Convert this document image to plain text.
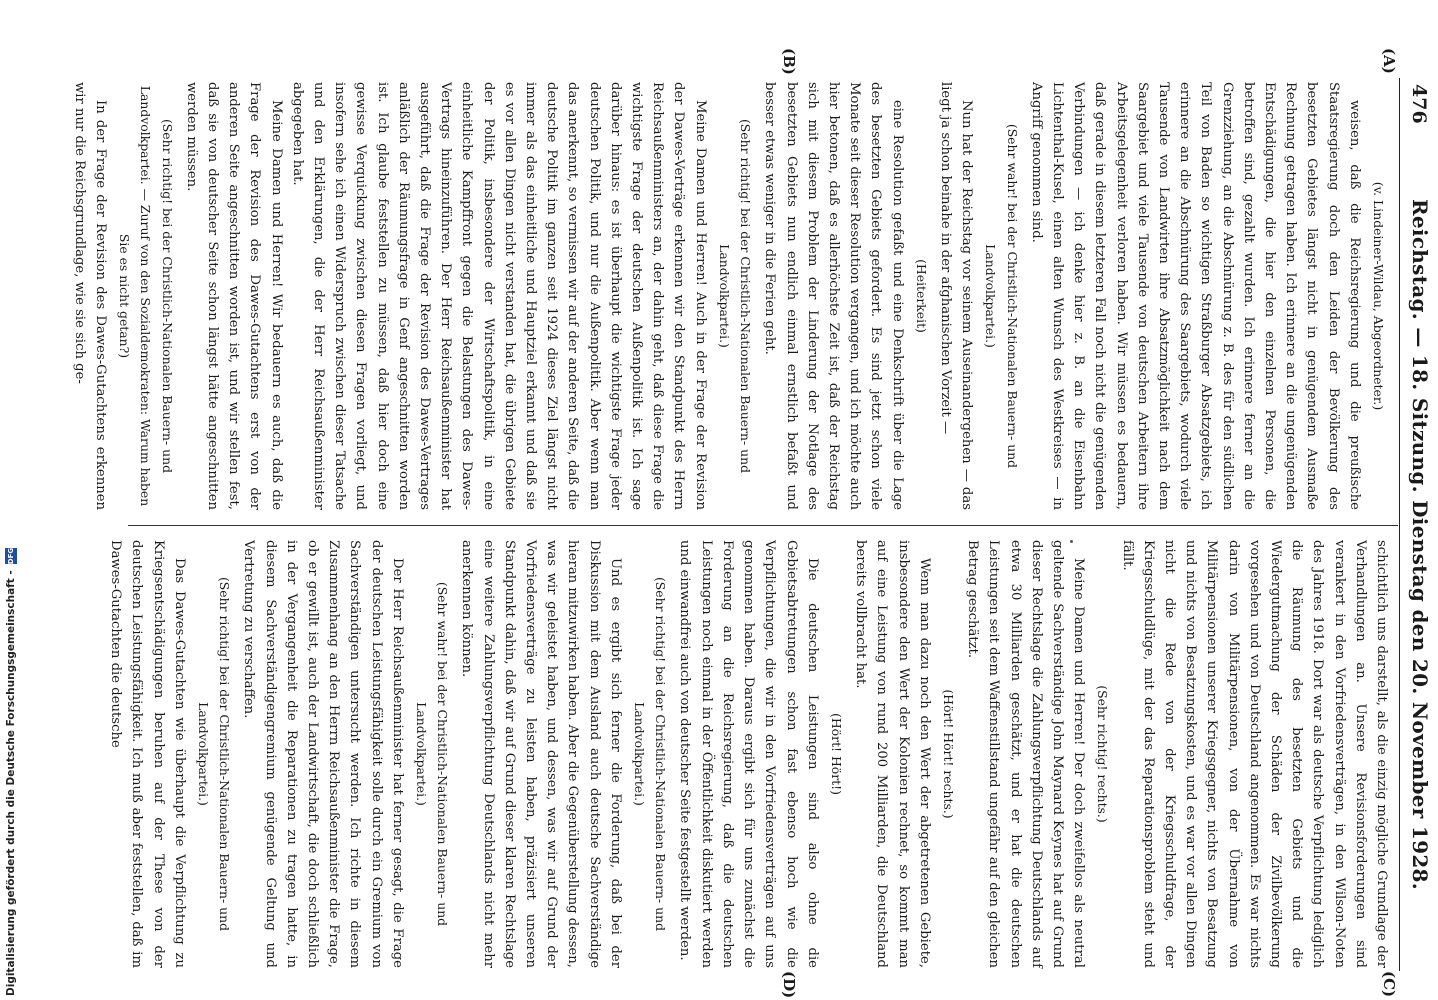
476
Reichstag. — 18. Sitzung. Dienstag den 20. November 1928.
(A)
(B)
(C)
(D)

(v. Lindeiner-Wildau, Abgeordneter.)

weisen, daß die Reichsregierung und die preußische Staatsregierung doch den Leiden der Bevölkerung des besetzten Gebietes längst nicht in genügendem Ausmaße Rechnung getragen haben. Ich erinnere an die ungenügenden Entschädigungen, die hier den einzelnen Personen, die betroffen sind, gezahlt wurden. Ich erinnere ferner an die Grenzziehung, an die Abschnürung z. B. des für den südlichen Teil von Baden so wichtigen Straßburger Absatzgebiets, ich erinnere an die Abschnürung des Saargebiets, wodurch viele Tausende von Landwirten ihre Absatzmöglichkeit nach dem Saargebiet und viele Tausende von deutschen Arbeitern ihre Arbeitsgelegenheit verloren haben. Wir müssen es bedauern, daß gerade in diesem letzteren Fall noch nicht die genügenden Verbindungen — ich denke hier z. B. an die Eisenbahn Lichtenthal-Kusel, einen alten Wunsch des Westkreises — in Angriff genommen sind.

(Sehr wahr! bei der Christlich-Nationalen Bauern- und Landvolkpartei.)

Nun hat der Reichstag vor seinem Auseinandergehen — das liegt ja schon beinahe in der afghanischen Vorzeit —

(Heiterkeit)

eine Resolution gefaßt und eine Denkschrift über die Lage des besetzten Gebiets gefordert. Es sind jetzt schon viele Monate seit dieser Resolution vergangen, und ich möchte auch hier betonen, daß es allerhöchste Zeit ist, daß der Reichstag sich mit diesem Problem der Linderung der Notlage des besetzten Gebiets nun endlich einmal ernstlich befaßt und besser etwas weniger in die Ferien geht.

(Sehr richtig! bei der Christlich-Nationalen Bauern- und Landvolkpartei.)

Meine Damen und Herren! Auch in der Frage der Revision der Dawes-Verträge erkennen wir den Standpunkt des Herrn Reichsaußenministers an, der dahin geht, daß diese Frage die wichtigste Frage der deutschen Außenpolitik ist. Ich sage darüber hinaus: es ist überhaupt die wichtigste Frage jeder deutschen Politik, und nur die Außenpolitik. Aber wenn man das anerkennt, so vermissen wir auf der anderen Seite, daß die deutsche Politik im ganzen seit 1924 dieses Ziel längst nicht immer als das einheitliche und Hauptziel erkannt und daß sie es vor allen Dingen nicht verstanden hat, die übrigen Gebiete der Politik, insbesondere der Wirtschaftspolitik, in eine einheitliche Kampffront gegen die Belastungen des Dawes-Vertrags hineinzuführen. Der Herr Reichsaußenminister hat ausgeführt, daß die Frage der Revision des Dawes-Vertrages anläßlich der Räumungsfrage in Genf angeschnitten worden ist. Ich glaube feststellen zu müssen, daß hier doch eine gewisse Verquickung zwischen diesen Fragen vorliegt, und insofern sehe ich einen Widerspruch zwischen dieser Tatsache und den Erklärungen, die der Herr Reichsaußenminister abgegeben hat.

Meine Damen und Herren! Wir bedauern es auch, daß die Frage der Revision des Dawes-Gutachtens erst von der anderen Seite angeschnitten worden ist, und wir stellen fest, daß sie von deutscher Seite schon längst hätte angeschnitten werden müssen.

(Sehr richtig! bei der Christlich-Nationalen Bauern- und Landvolkpartei. — Zuruf von den Sozialdemokraten: Warum haben Sie es nicht getan?)

In der Frage der Revision des Dawes-Gutachtens erkennen wir nur die Reichsgrundlage, wie sie sich ge-

schichtlich uns darstellt, als die einzig mögliche Grundlage der Verhandlungen an. Unsere Revisionsforderungen sind verankert in den Vorfriedensverträgen, in den Wilson-Noten des Jahres 1918. Dort war als deutsche Verpflichtung lediglich die Räumung des besetzten Gebiets und die Wiedergutmachung der Schäden der Zivilbevölkerung vorgesehen und von Deutschland angenommen. Es war nichts darin von Militärpensionen, von der Übernahme von Militärpensionen unserer Kriegsgegner, nichts von Besatzung und nichts von Besatzungskosten, und es war vor allen Dingen nicht die Rede von der Kriegsschuldfrage, der Kriegsschuldlüge, mit der das Reparationsproblem steht und fällt.

(Sehr richtig! rechts.)

Meine Damen und Herren! Der doch zweifellos als neutral geltende Sachverständige John Maynard Keynes hat auf Grund dieser Rechtslage die Zahlungsverpflichtung Deutschlands auf etwa 30 Milliarden geschätzt, und er hat die deutschen Leistungen seit dem Waffenstillstand ungefähr auf den gleichen Betrag geschätzt.

(Hört! Hört! rechts.)

Wenn man dazu noch den Wert der abgetretenen Gebiete, insbesondere den Wert der Kolonien rechnet, so kommt man auf eine Leistung von rund 200 Milliarden, die Deutschland bereits vollbracht hat.

(Hört! Hört!)

Die deutschen Leistungen sind also ohne die Gebietsabtretungen schon fast ebenso hoch wie die Verpflichtungen, die wir in den Vorfriedensverträgen auf uns genommen haben. Daraus ergibt sich für uns zunächst die Forderung an die Reichsregierung, daß die deutschen Leistungen noch einmal in der Öffentlichkeit diskutiert werden und einwandfrei auch von deutscher Seite festgestellt werden.

(Sehr richtig! bei der Christlich-Nationalen Bauern- und Landvolkpartei.)

Und es ergibt sich ferner die Forderung, daß bei der Diskussion mit dem Ausland auch deutsche Sachverständige hieran mitzuwirken haben. Aber die Gegenüberstellung dessen, was wir geleistet haben, und dessen, was wir auf Grund der Vorfriedensverträge zu leisten haben, präzisiert unseren Standpunkt dahin, daß wir auf Grund dieser klaren Rechtslage eine weitere Zahlungsverpflichtung Deutschlands nicht mehr anerkennen können.

(Sehr wahr! bei der Christlich-Nationalen Bauern- und Landvolkpartei.)

Der Herr Reichsaußenminister hat ferner gesagt, die Frage der deutschen Leistungsfähigkeit solle durch ein Gremium von Sachverständigen untersucht werden. Ich richte in diesem Zusammenhang an den Herrn Reichsaußenminister die Frage, ob er gewillt ist, auch der Landwirtschaft, die doch schließlich in der Vergangenheit die Reparationen zu tragen hatte, in diesem Sachverständigengremium genügende Geltung und Vertretung zu verschaffen.

(Sehr richtig! bei der Christlich-Nationalen Bauern- und Landvolkpartei.)

Das Dawes-Gutachten wie überhaupt die Verpflichtung zu Kriegsentschädigungen beruhen auf der These von der deutschen Leistungsfähigkeit. Ich muß aber feststellen, daß im Dawes-Gutachten die deutsche

Digitalisierung gefördert durch die Deutsche Forschungsgemeinschaft -
DFG
